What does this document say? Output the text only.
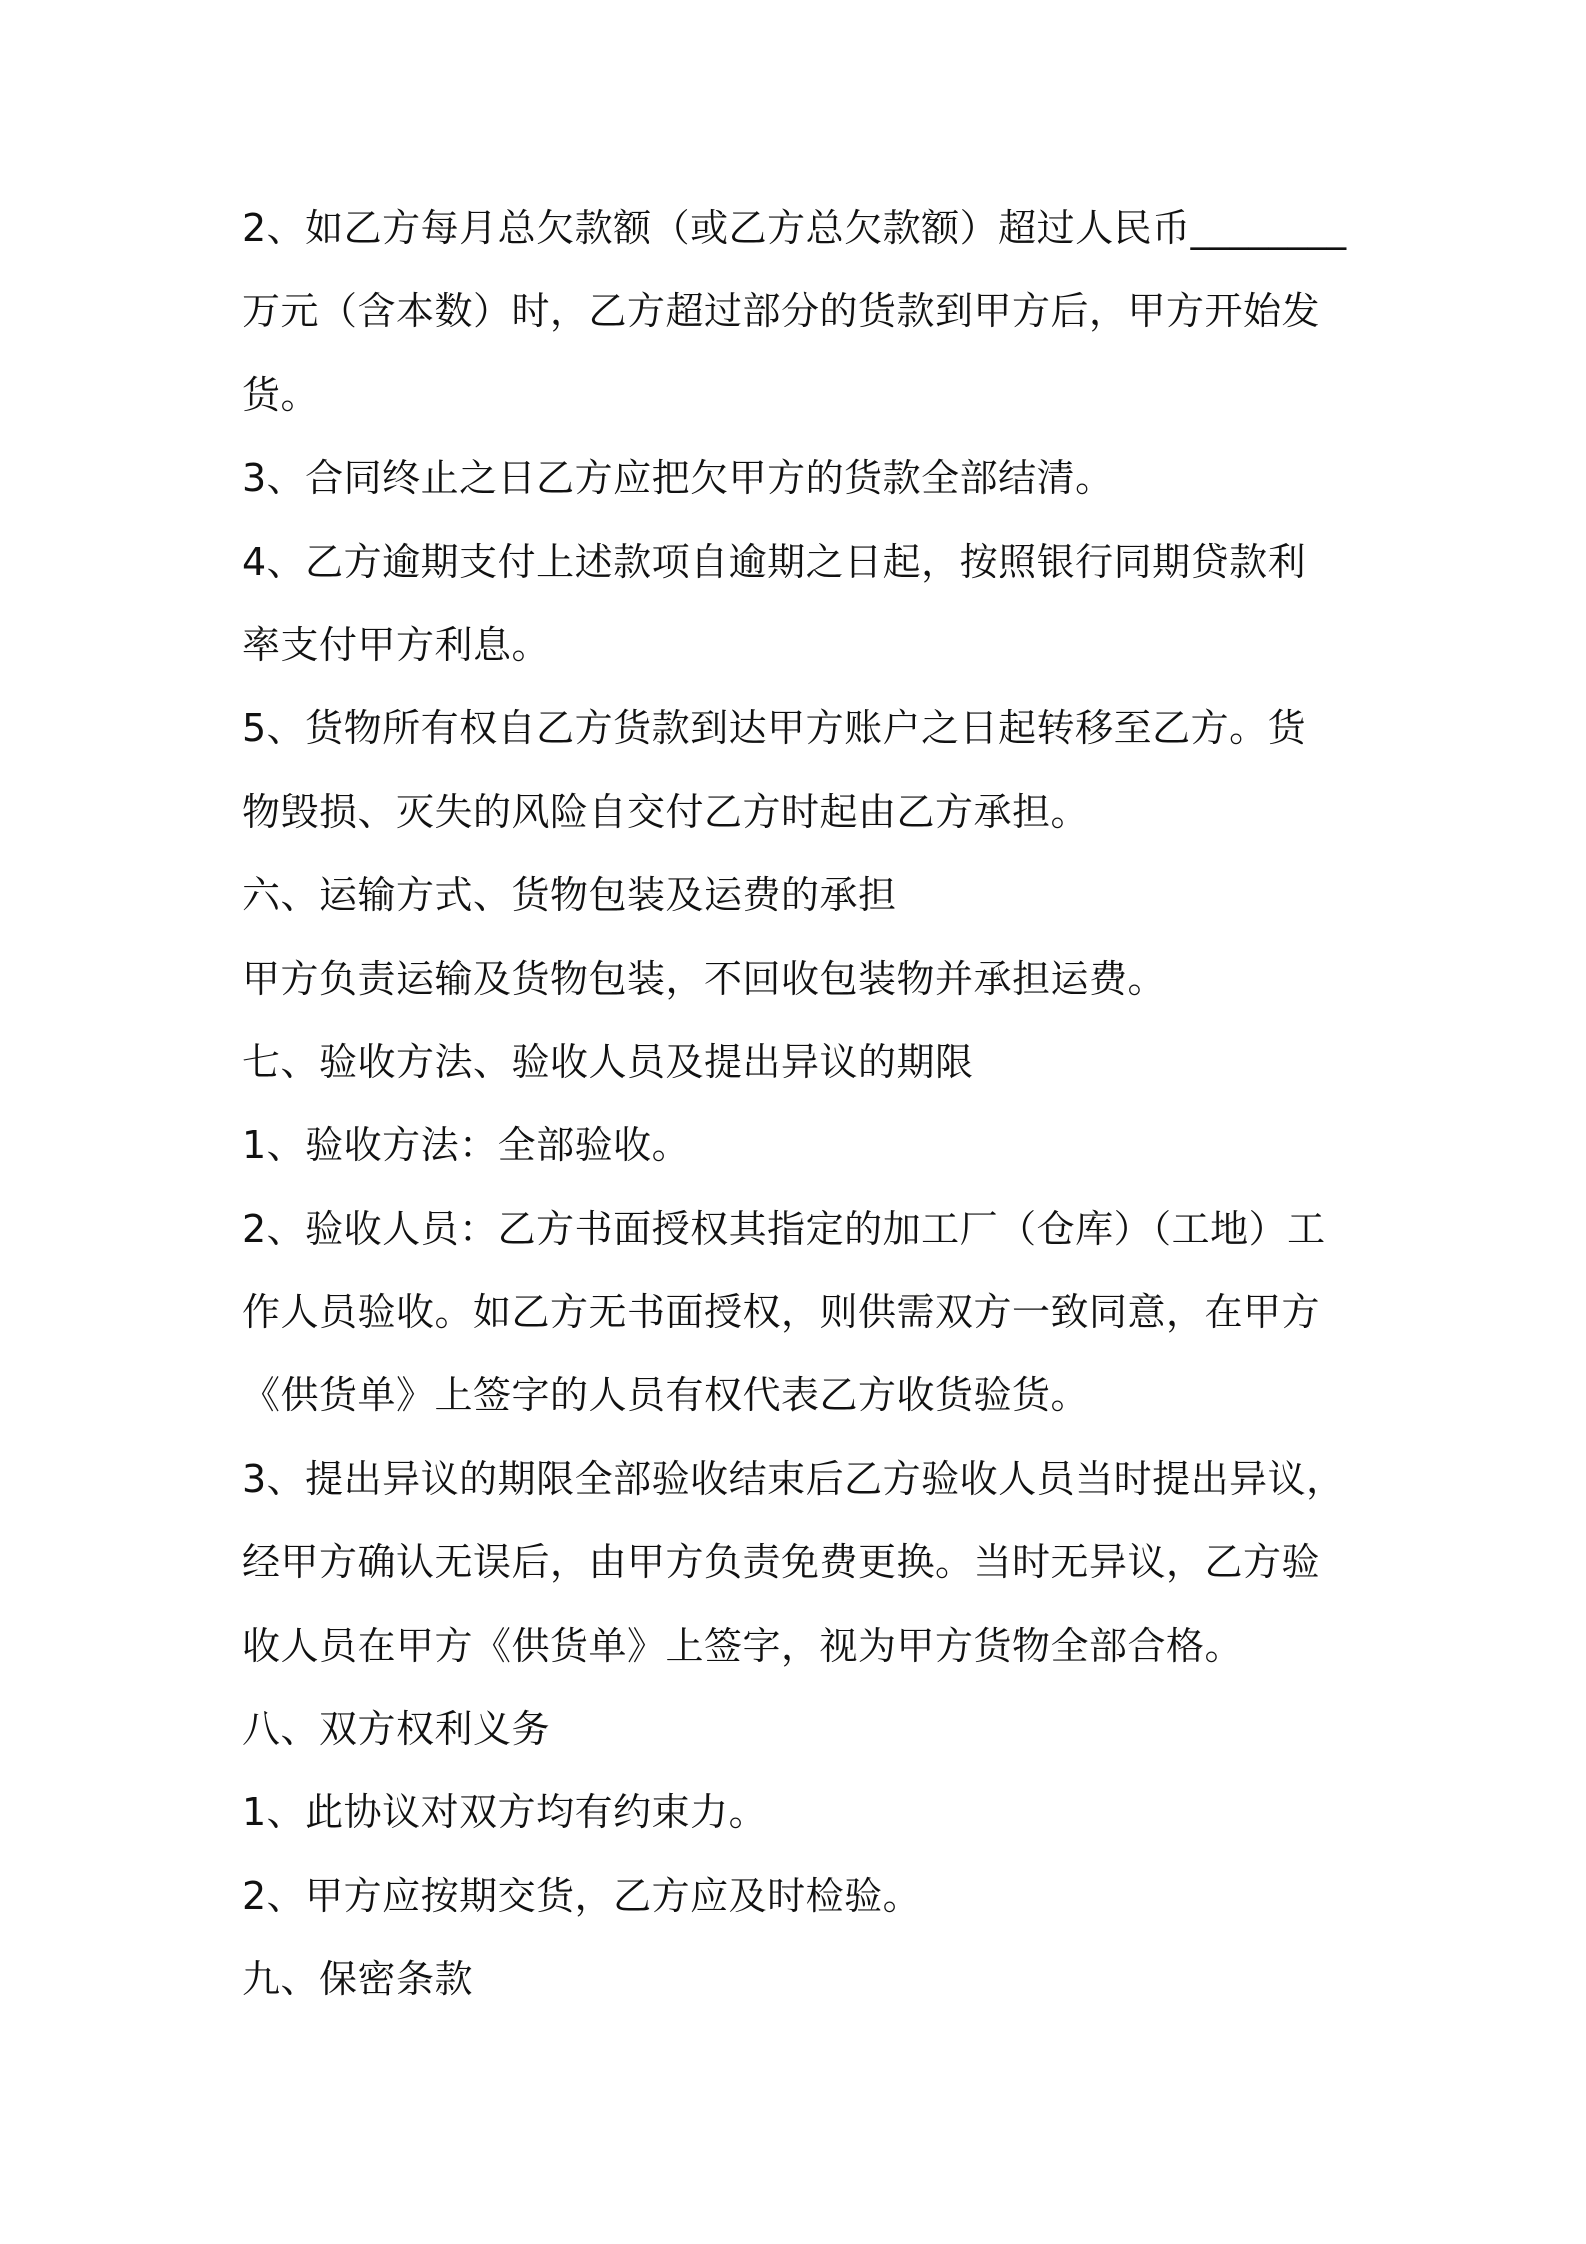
2、如乙方每月总欠款额（或乙方总欠款额）超过人民币________

万元（含本数）时，乙方超过部分的货款到甲方后，甲方开始发

货。

3、合同终止之日乙方应把欠甲方的货款全部结清。

4、乙方逾期支付上述款项自逾期之日起，按照银行同期贷款利

率支付甲方利息。

5、货物所有权自乙方货款到达甲方账户之日起转移至乙方。货

物毁损、灭失的风险自交付乙方时起由乙方承担。

六、运输方式、货物包装及运费的承担

甲方负责运输及货物包装，不回收包装物并承担运费。

七、验收方法、验收人员及提出异议的期限

1、验收方法：全部验收。

2、验收人员：乙方书面授权其指定的加工厂（仓库）（工地）工

作人员验收。如乙方无书面授权，则供需双方一致同意，在甲方

《供货单》上签字的人员有权代表乙方收货验货。

3、提出异议的期限全部验收结束后乙方验收人员当时提出异议，

经甲方确认无误后，由甲方负责免费更换。当时无异议，乙方验

收人员在甲方《供货单》上签字，视为甲方货物全部合格。

八、双方权利义务

1、此协议对双方均有约束力。

2、甲方应按期交货，乙方应及时检验。

九、保密条款
